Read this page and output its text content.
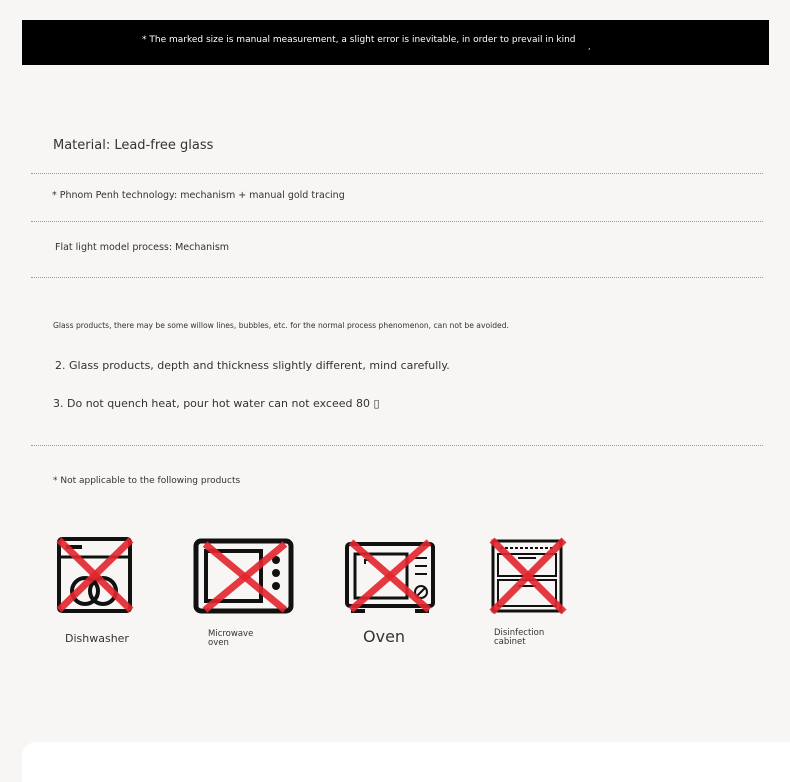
* The marked size is manual measurement, a slight error is inevitable, in order to prevail in kind
,
Material: Lead-free glass
* Phnom Penh technology: mechanism + manual gold tracing
Flat light model process: Mechanism
Glass products, there may be some willow lines, bubbles, etc. for the normal process phenomenon, can not be avoided.
2. Glass products, depth and thickness slightly different, mind carefully.
3. Do not quench heat, pour hot water can not exceed 80 ▯
* Not applicable to the following products
Dishwasher	Microwave
oven	Oven	Disinfection
cabinet
